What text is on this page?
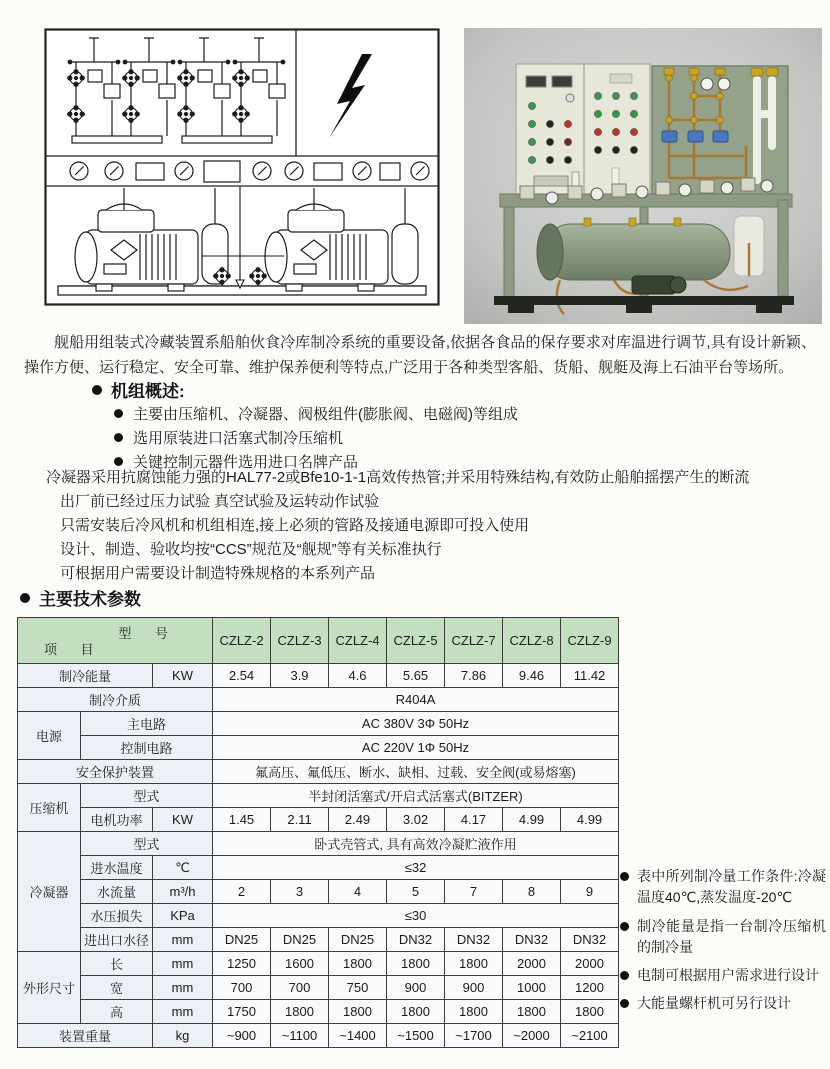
舰船用组装式冷藏装置系船舶伙食冷库制冷系统的重要设备,依据各食品的保存要求对库温进行调节,具有设计新颖、操作方便、运行稳定、安全可靠、维护保养便利等特点,广泛用于各种类型客船、货船、舰艇及海上石油平台等场所。

机组概述:
主要由压缩机、冷凝器、阀极组件(膨胀阀、电磁阀)等组成
选用原装进口活塞式制冷压缩机
关键控制元器件选用进口名牌产品
冷凝器采用抗腐蚀能力强的HAL77-2或Bfe10-1-1高效传热管;并采用特殊结构,有效防止船舶摇摆产生的断流
出厂前已经过压力试验 真空试验及运转动作试验
只需安装后冷风机和机组相连,接上必须的管路及接通电源即可投入使用
设计、制造、验收均按“CCS”规范及“舰规”等有关标准执行
可根据用户需要设计制造特殊规格的本系列产品
主要技术参数
型 号
项 目			CZLZ-2	CZLZ-3	CZLZ-4	CZLZ-5	CZLZ-7	CZLZ-8	CZLZ-9
制冷能量		KW	2.54	3.9	4.6	5.65	7.86	9.46	11.42
制冷介质			R404A						
电源	主电路		AC 380V 3Φ 50Hz						
	控制电路		AC 220V 1Φ 50Hz						
安全保护装置			氟高压、氟低压、断水、缺相、过载、安全阀(或易熔塞)						
压缩机	型式		半封闭活塞式/开启式活塞式(BITZER)						
	电机功率	KW	1.45	2.11	2.49	3.02	4.17	4.99	4.99
冷凝器	型式		卧式壳管式, 具有高效冷凝贮液作用						
	进水温度	℃	≤32						
	水流量	m³/h	2	3	4	5	7	8	9
	水压损失	KPa	≤30						
	进出口水径	mm	DN25	DN25	DN25	DN32	DN32	DN32	DN32
外形尺寸	长	mm	1250	1600	1800	1800	1800	2000	2000
	宽	mm	700	700	750	900	900	1000	1200
	高	mm	1750	1800	1800	1800	1800	1800	1800
装置重量		kg	~900	~1100	~1400	~1500	~1700	~2000	~2100
表中所列制冷量工作条件:冷凝温度40℃,蒸发温度-20℃
制冷能量是指一台制冷压缩机的制冷量
电制可根据用户需求进行设计
大能量螺杆机可另行设计
